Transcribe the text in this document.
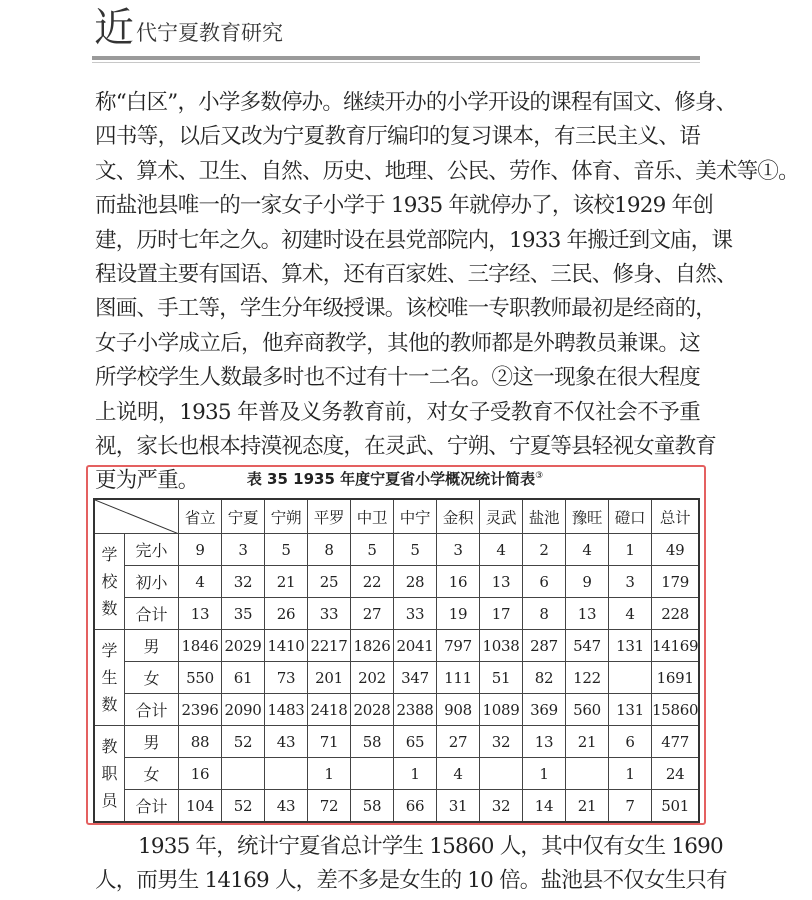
近 代宁夏教育研究
称“白区”，小学多数停办。继续开办的小学开设的课程有国文、修身、
四书等，以后又改为宁夏教育厅编印的复习课本，有三民主义、语
文、算术、卫生、自然、历史、地理、公民、劳作、体育、音乐、美术等①。
而盐池县唯一的一家女子小学于 1935 年就停办了，该校1929 年创
建，历时七年之久。初建时设在县党部院内，1933 年搬迁到文庙，课
程设置主要有国语、算术，还有百家姓、三字经、三民、修身、自然、
图画、手工等，学生分年级授课。该校唯一专职教师最初是经商的，
女子小学成立后，他弃商教学，其他的教师都是外聘教员兼课。这
所学校学生人数最多时也不过有十一二名。②这一现象在很大程度
上说明，1935 年普及义务教育前，对女子受教育不仅社会不予重
视，家长也根本持漠视态度，在灵武、宁朔、宁夏等县轻视女童教育
更为严重。	表 35 1935 年度宁夏省小学概况统计简表③
	省立	宁夏	宁朔	平罗	中卫	中宁	金积	灵武	盐池	豫旺	磴口	总计
学校数	完小	9	3	5	8	5	5	3	4	2	4	1	49
	初小	4	32	21	25	22	28	16	13	6	9	3	179
	合计	13	35	26	33	27	33	19	17	8	13	4	228
学生数	男	1846	2029	1410	2217	1826	2041	797	1038	287	547	131	14169
	女	550	61	73	201	202	347	111	51	82	122		1691
	合计	2396	2090	1483	2418	2028	2388	908	1089	369	560	131	15860
教职员	男	88	52	43	71	58	65	27	32	13	21	6	477
	女	16			1		1	4		1		1	24
	合计	104	52	43	72	58	66	31	32	14	21	7	501
1935 年，统计宁夏省总计学生 15860 人，其中仅有女生 1690
人，而男生 14169 人，差不多是女生的 10 倍。盐池县不仅女生只有
